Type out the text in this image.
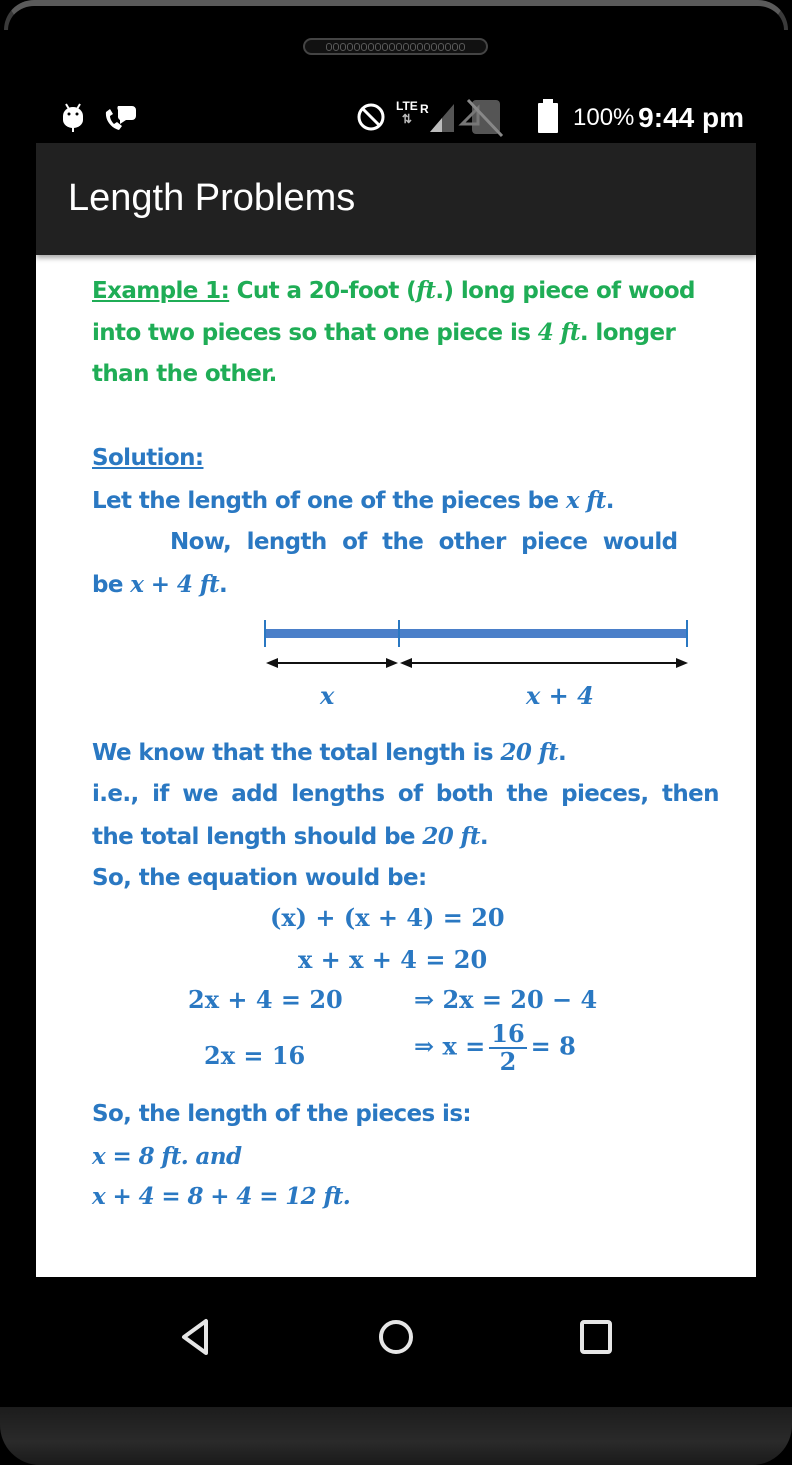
LTE
⇅
R	100% 9:44 pm
Length Problems
Example 1: Cut a 20-foot (ft.) long piece of wood
into two pieces so that one piece is 4 ft. longer
than the other.
Solution:
Let the length of one of the pieces be x ft.
Now, length of the other piece would
be x + 4 ft.
We know that the total length is 20 ft.
i.e., if we add lengths of both the pieces, then
the total length should be 20 ft.
So, the equation would be:
(x) + (x + 4) = 20
x + x + 4 = 20
2x + 4 = 20	⇒ 2x = 20 − 4
2x = 16	⇒ $x = \frac{16}{2} = 8$
So, the length of the pieces is:
x = 8 ft. and
x + 4 = 8 + 4 = 12 ft.
x	x + 4
